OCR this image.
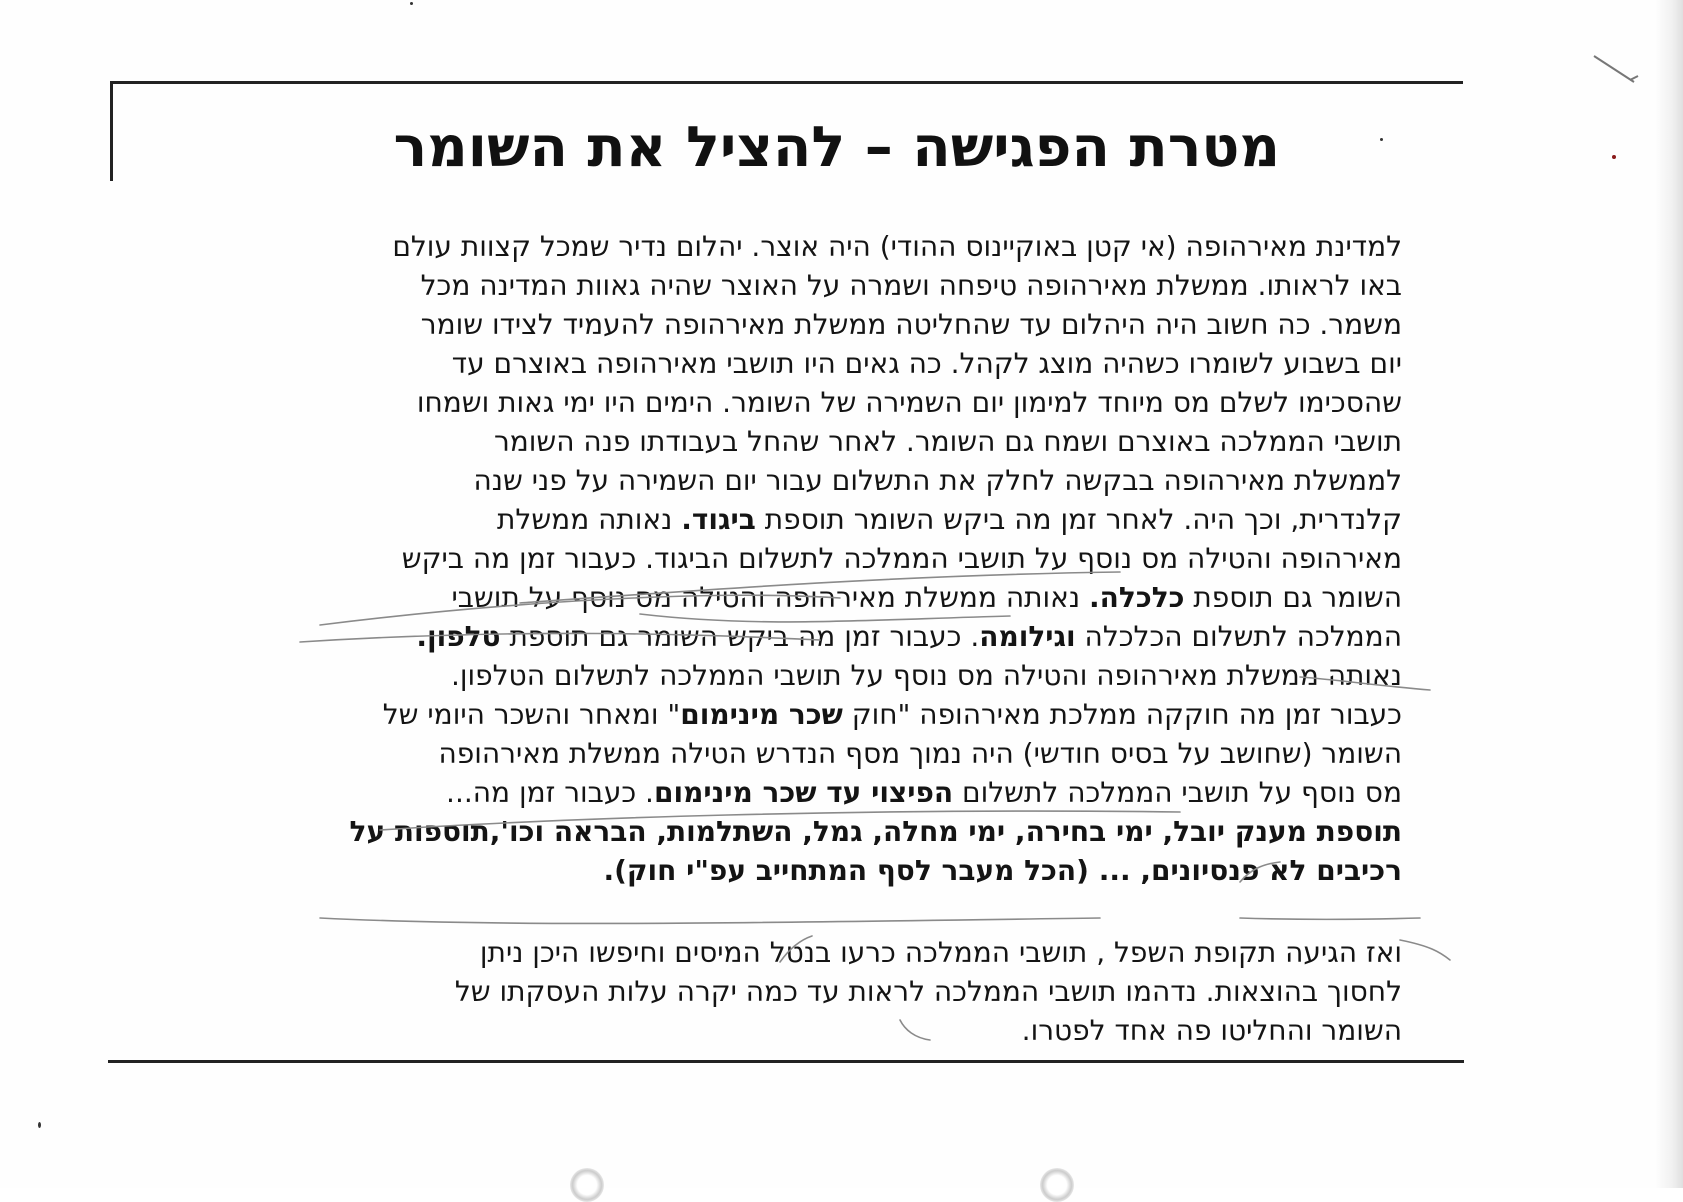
מטרת הפגישה – להציל את השומר
למדינת מאירהופה (אי קטן באוקיינוס ההודי) היה אוצר. יהלום נדיר שמכל קצוות עולם
באו לראותו. ממשלת מאירהופה טיפחה ושמרה על האוצר שהיה גאוות המדינה מכל
משמר. כה חשוב היה היהלום עד שהחליטה ממשלת מאירהופה להעמיד לצידו שומר
יום בשבוע לשומרו כשהיה מוצג לקהל. כה גאים היו תושבי מאירהופה באוצרם עד
שהסכימו לשלם מס מיוחד למימון יום השמירה של השומר. הימים היו ימי גאות ושמחו
תושבי הממלכה באוצרם ושמח גם השומר. לאחר שהחל בעבודתו פנה השומר
לממשלת מאירהופה בבקשה לחלק את התשלום עבור יום השמירה על פני שנה
קלנדרית, וכך היה. לאחר זמן מה ביקש השומר תוספת ביגוד. נאותה ממשלת
מאירהופה והטילה מס נוסף על תושבי הממלכה לתשלום הביגוד. כעבור זמן מה ביקש
השומר גם תוספת כלכלה. נאותה ממשלת מאירהופה והטילה מס נוסף על תושבי
הממלכה לתשלום הכלכלה וגילומה. כעבור זמן מה ביקש השומר גם תוספת טלפון.
נאותה ממשלת מאירהופה והטילה מס נוסף על תושבי הממלכה לתשלום הטלפון.
כעבור זמן מה חוקקה ממלכת מאירהופה "חוק שכר מינימום" ומאחר והשכר היומי של
השומר (שחושב על בסיס חודשי) היה נמוך מסף הנדרש הטילה ממשלת מאירהופה
מס נוסף על תושבי הממלכה לתשלום הפיצוי עד שכר מינימום. כעבור זמן מה...
תוספת מענק יובל, ימי בחירה, ימי מחלה, גמל, השתלמות, הבראה וכו',תוספות על
רכיבים לא פנסיונים, ... (הכל מעבר לסף המתחייב עפ"י חוק).
ואז הגיעה תקופת השפל , תושבי הממלכה כרעו בנטל המיסים וחיפשו היכן ניתן
לחסוך בהוצאות. נדהמו תושבי הממלכה לראות עד כמה יקרה עלות העסקתו של
השומר והחליטו פה אחד לפטרו.
